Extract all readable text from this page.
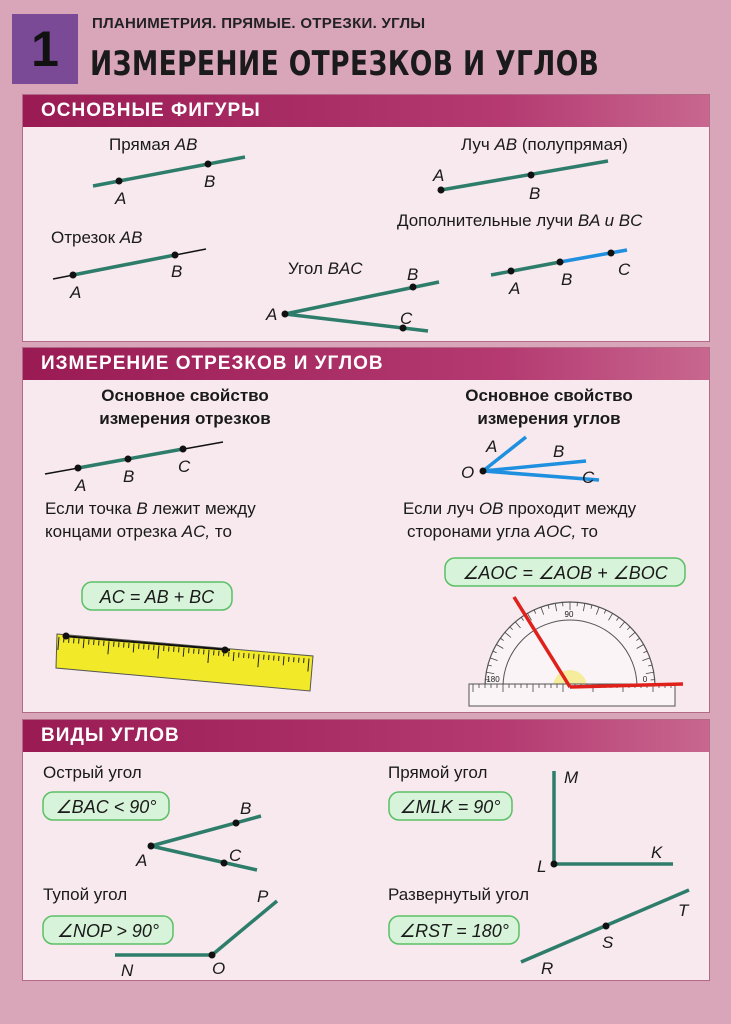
1	ПЛАНИМЕТРИЯ. ПРЯМЫЕ. ОТРЕЗКИ. УГЛЫ
ИЗМЕРЕНИЕ ОТРЕЗКОВ И УГЛОВ
ОСНОВНЫЕ ФИГУРЫ
Прямая AB
A
B
Луч AB (полупрямая)
A
B
Дополнительные лучи BA и BC
A B
C
Отрезок AB
A
B	Угол BAC
A
B
C
ИЗМЕРЕНИЕ ОТРЕЗКОВ И УГЛОВ
Основное свойство
измерения отрезков
Основное свойство
измерения углов
A B
C
Если точка B лежит между
концами отрезка AC, то
O
A	B
C
Если луч OB проходит между
сторонами угла AOC, то
∠AOC = ∠AOB + ∠BOC
AC = AB + BC
90
180	0
ВИДЫ УГЛОВ
Острый угол
∠BAC < 90°
A
B
C
Прямой угол
∠MLK = 90°
M
L
K
Тупой угол
∠NOP > 90°
N	O
P	Развернутый угол
∠RST = 180°
R
S
T
